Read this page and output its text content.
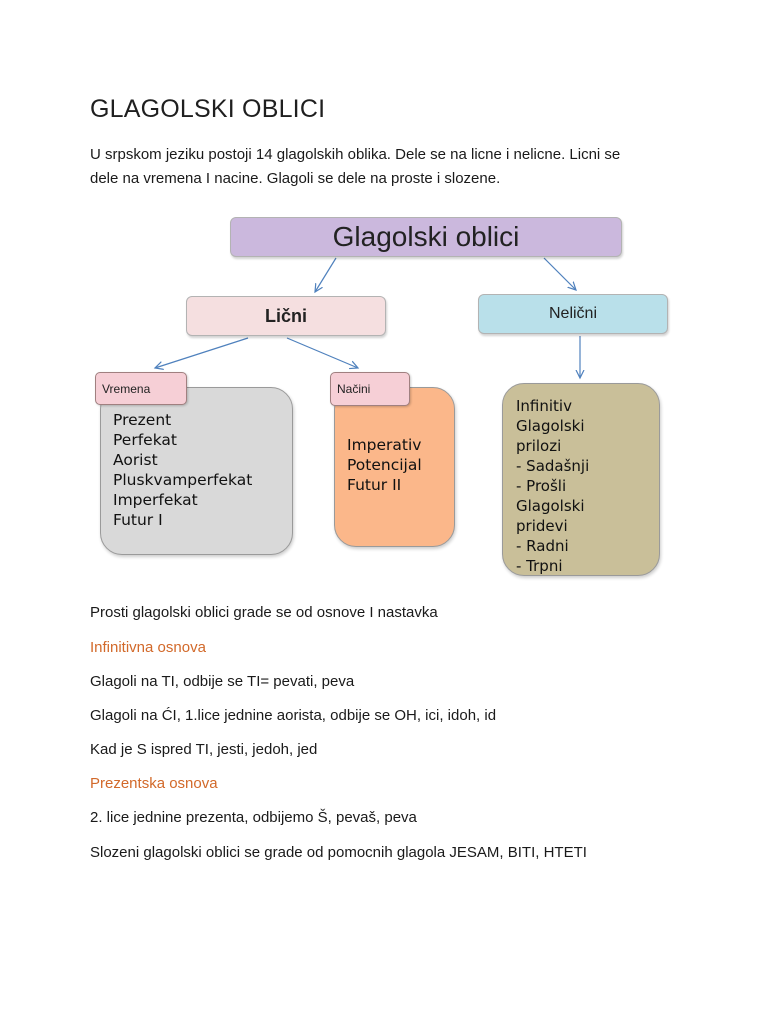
GLAGOLSKI OBLICI

U srpskom jeziku postoji 14 glagolskih oblika. Dele se na licne i nelicne. Licni se

dele na vremena I nacine. Glagoli se dele na proste i slozene.

Glagolski oblici
Lični	Nelični
Vremena
Prezent
Perfekat
Aorist
Pluskvamperfekat
Imperfekat
Futur I
Načini
Imperativ
Potencijal
Futur II
Infinitiv
Glagolski
prilozi
- Sadašnji
- Prošli
Glagolski
pridevi
- Radni
- Trpni
Prosti glagolski oblici grade se od osnove I nastavka
Infinitivna osnova
Glagoli na TI, odbije se TI= pevati, peva
Glagoli na ĆI, 1.lice jednine aorista, odbije se OH, ici, idoh, id
Kad je S ispred TI, jesti, jedoh, jed
Prezentska osnova
2. lice jednine prezenta, odbijemo Š, pevaš, peva
Slozeni glagolski oblici se grade od pomocnih glagola JESAM, BITI, HTETI
